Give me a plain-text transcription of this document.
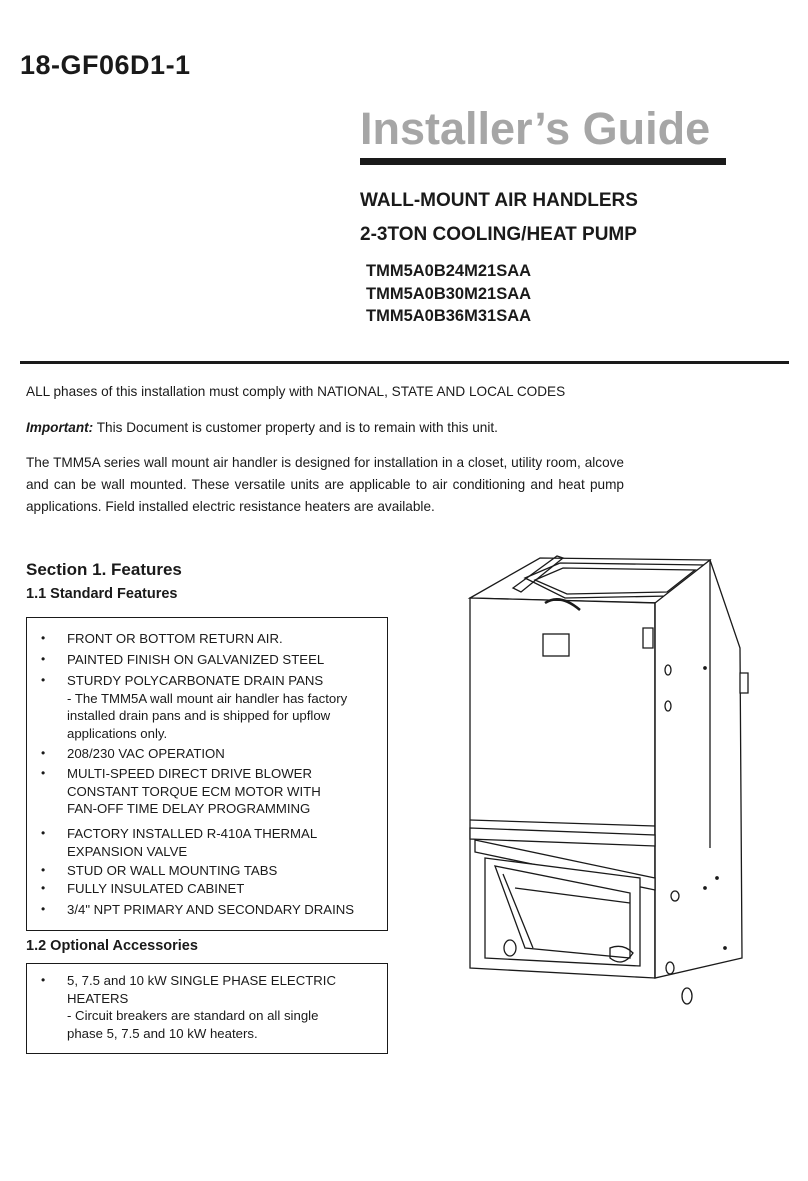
18-GF06D1-1
Installer’s Guide
WALL-MOUNT AIR HANDLERS
2-3TON COOLING/HEAT PUMP
TMM5A0B24M21SAA
TMM5A0B30M21SAA
TMM5A0B36M31SAA
ALL phases of this installation must comply with NATIONAL, STATE AND LOCAL CODES
Important: This Document is customer property and is to remain with this unit.
The TMM5A series wall mount air handler is designed for installation in a closet, utility room, alcove and can be wall mounted. These versatile units are applicable to air conditioning and heat pump applications. Field installed electric resistance heaters are available.
Section 1. Features
1.1 Standard Features
• FRONT OR BOTTOM RETURN AIR.
• PAINTED FINISH ON GALVANIZED STEEL
• STURDY POLYCARBONATE DRAIN PANS
- The TMM5A wall mount air handler has factory
installed drain pans and is shipped for upflow
applications only.
• 208/230 VAC OPERATION
• MULTI-SPEED DIRECT DRIVE BLOWER
CONSTANT TORQUE ECM MOTOR WITH
FAN-OFF TIME DELAY PROGRAMMING
• FACTORY INSTALLED R-410A THERMAL
EXPANSION VALVE
• STUD OR WALL MOUNTING TABS
• FULLY INSULATED CABINET
• 3/4" NPT PRIMARY AND SECONDARY DRAINS
1.2 Optional Accessories
• 5, 7.5 and 10 kW SINGLE PHASE ELECTRIC
HEATERS
- Circuit breakers are standard on all single
phase 5, 7.5 and 10 kW heaters.
